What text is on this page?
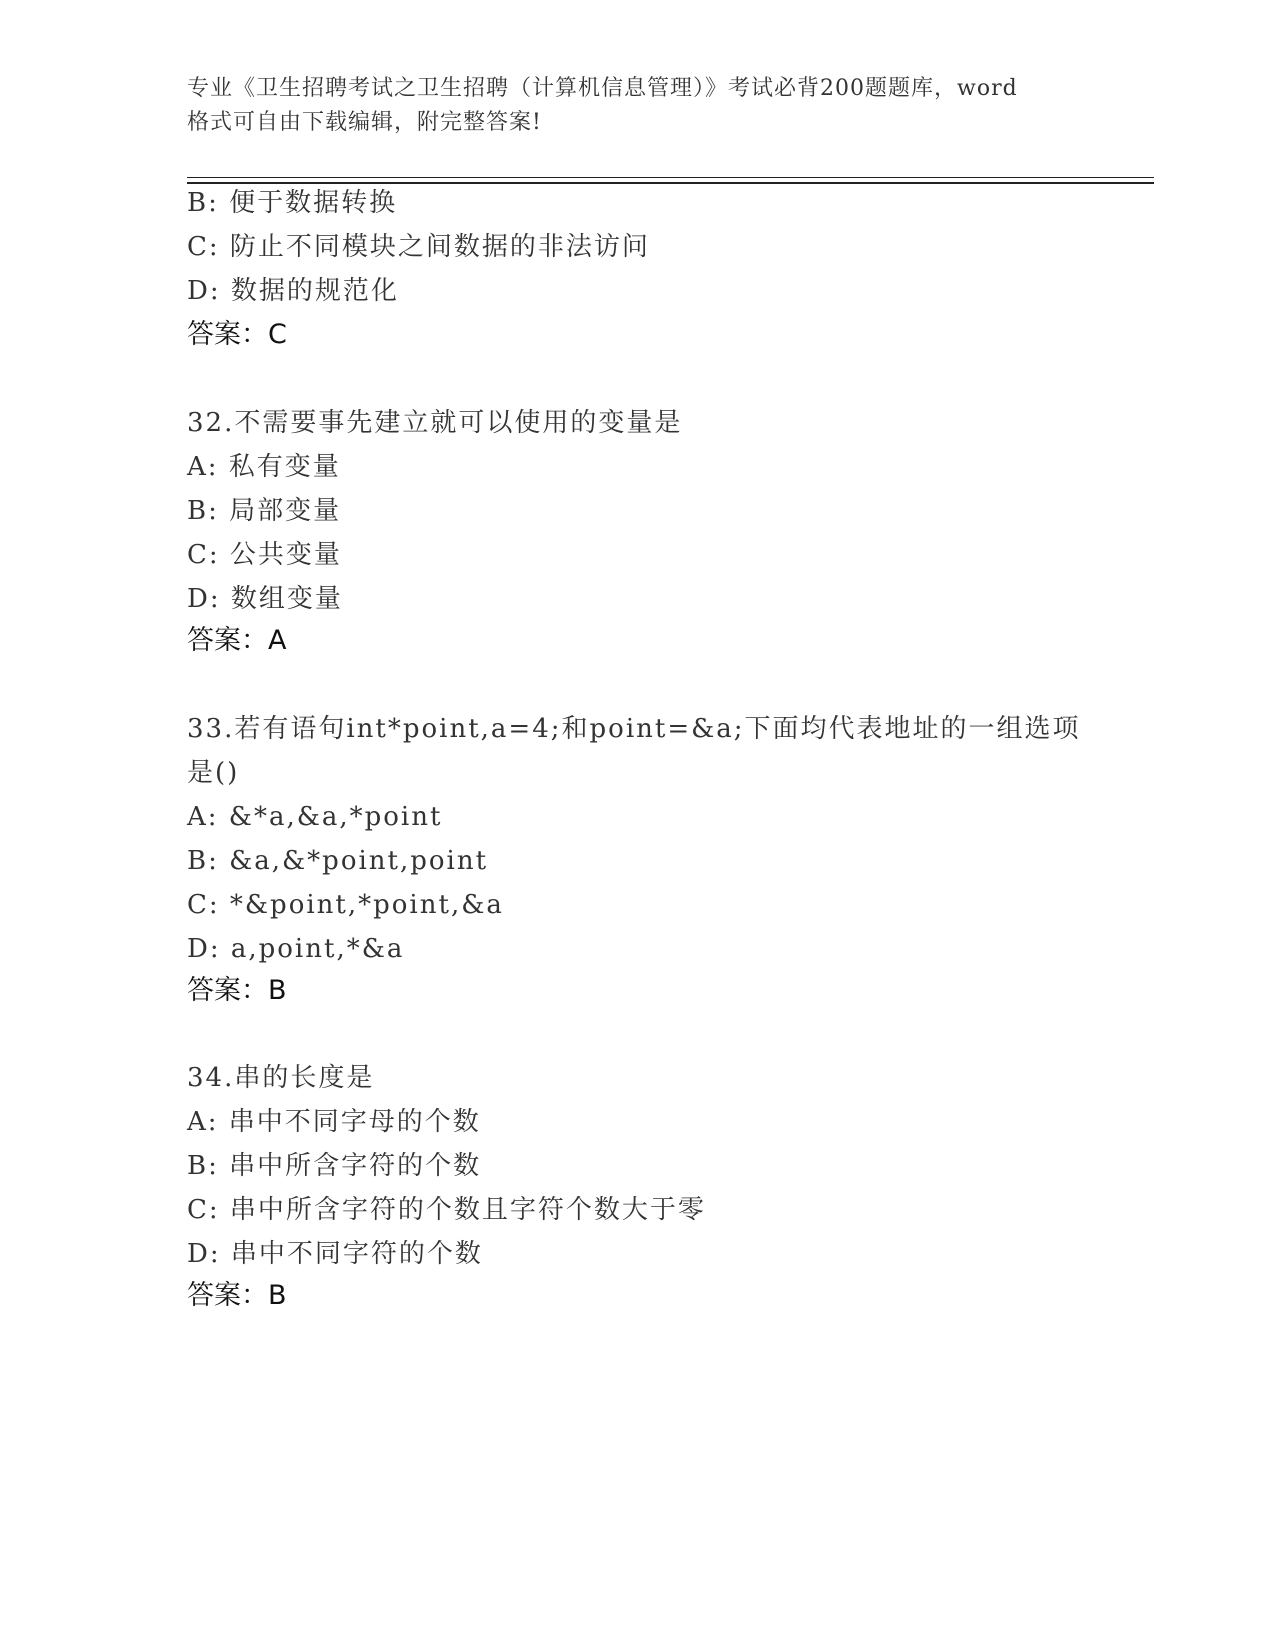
专业《卫生招聘考试之卫生招聘（计算机信息管理）》考试必背200题题库，word
格式可自由下载编辑，附完整答案!
B: 便于数据转换
C: 防止不同模块之间数据的非法访问
D: 数据的规范化
答案：C
32.不需要事先建立就可以使用的变量是
A: 私有变量
B: 局部变量
C: 公共变量
D: 数组变量
答案：A
33.若有语句int*point,a=4;和point=&a;下面均代表地址的一组选项
是()
A: &*a,&a,*point
B: &a,&*point,point
C: *&point,*point,&a
D: a,point,*&a
答案：B
34.串的长度是
A: 串中不同字母的个数
B: 串中所含字符的个数
C: 串中所含字符的个数且字符个数大于零
D: 串中不同字符的个数
答案：B
